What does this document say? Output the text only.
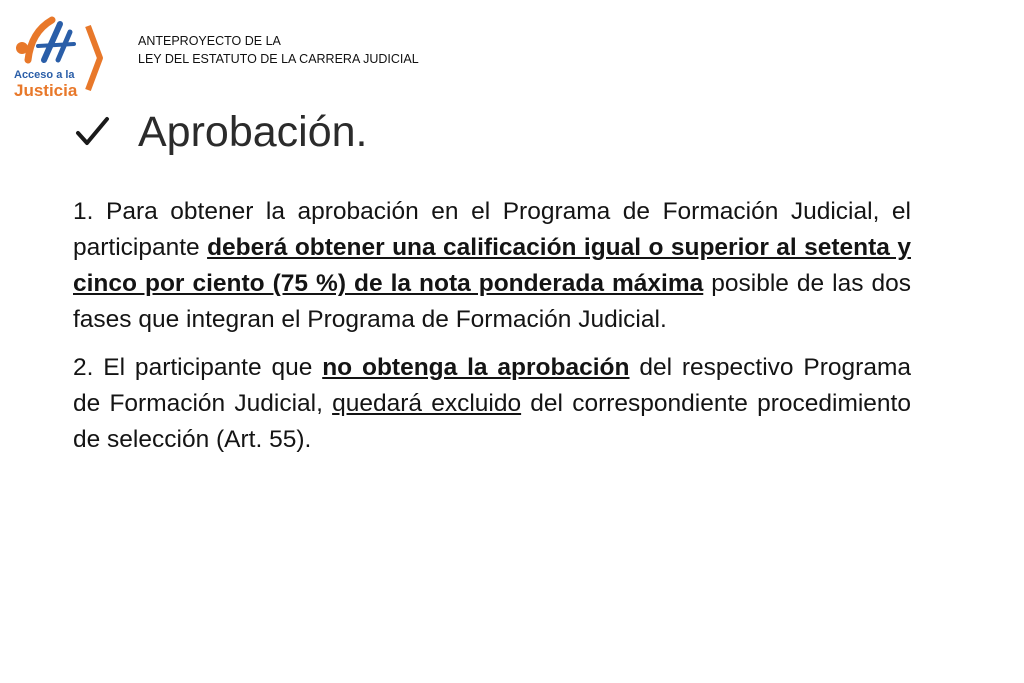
Acceso a la
Justicia
ANTEPROYECTO DE LA
LEY DEL ESTATUTO DE LA CARRERA JUDICIAL
Aprobación.

1. Para obtener la aprobación en el Programa de Formación Judicial, el participante deberá obtener una calificación igual o superior al setenta y cinco por ciento (75 %) de la nota ponderada máxima posible de las dos fases que integran el Programa de Formación Judicial.

2. El participante que no obtenga la aprobación del respectivo Programa de Formación Judicial, quedará excluido del correspondiente procedimiento de selección (Art. 55).
